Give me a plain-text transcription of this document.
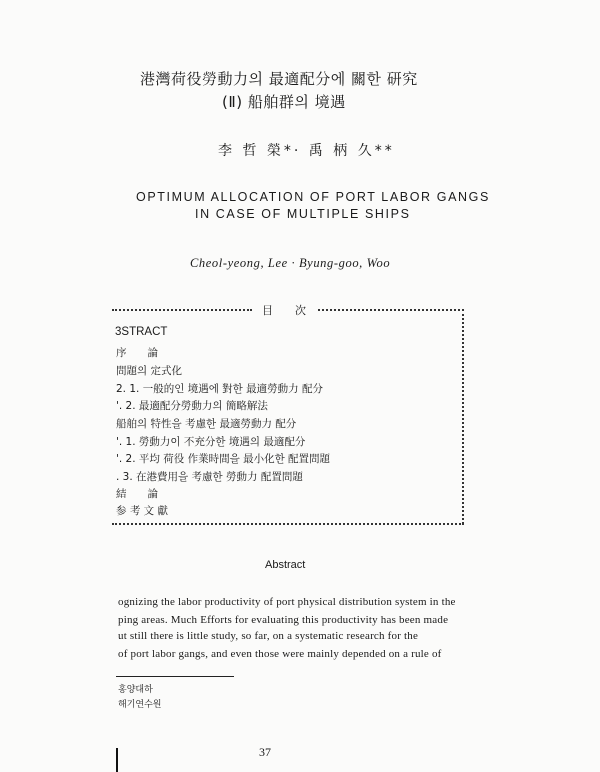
港灣荷役勞動力의 最適配分에 關한 研究
(Ⅱ) 船舶群의 境遇
李 哲 榮*· 禹 柄 久**
OPTIMUM ALLOCATION OF PORT LABOR GANGS
IN CASE OF MULTIPLE SHIPS
Cheol-yeong, Lee · Byung-goo, Woo
目　　次
3STRACT
序　　論
問題의 定式化
2. 1. 一般的인 境遇에 對한 最適勞動力 配分
'. 2. 最適配分勞動力의 簡略解法
船舶의 特性을 考慮한 最適勞動力 配分
'. 1. 勞動力이 不充分한 境遇의 最適配分
'. 2. 平均 荷役 作業時間을 最小化한 配置問題
. 3. 在港費用을 考慮한 勞動力 配置問題
結　　論
参 考 文 獻
Abstract
ognizing the labor productivity of port physical distribution system in the
ping areas. Much Efforts for evaluating this productivity has been made
ut still there is little study, so far, on a systematic research for the
of port labor gangs, and even those were mainly depended on a rule of
홍양대하
해기연수원
37
